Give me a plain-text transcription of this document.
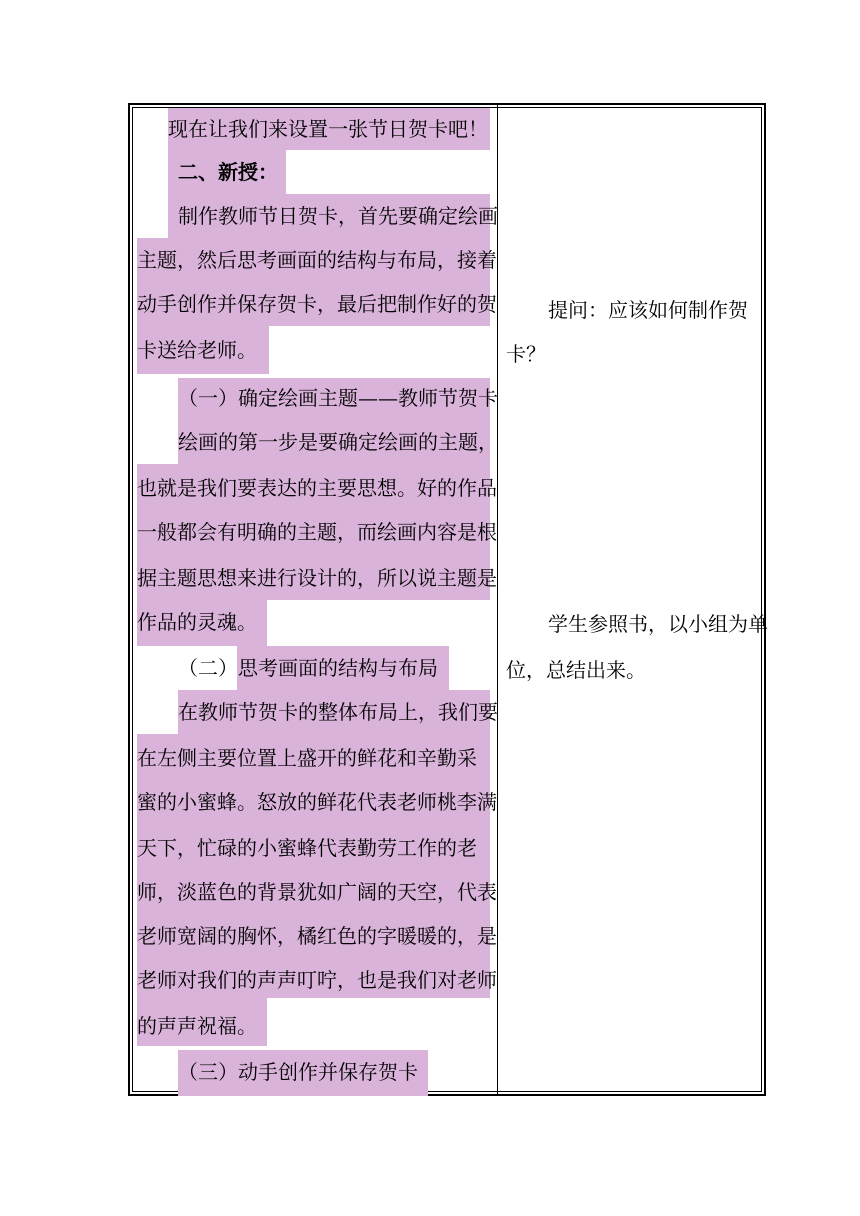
现在让我们来设置一张节日贺卡吧！
二、新授：
制作教师节日贺卡，首先要确定绘画
主题，然后思考画面的结构与布局，接着
动手创作并保存贺卡，最后把制作好的贺
卡送给老师。
（一）确定绘画主题——教师节贺卡
绘画的第一步是要确定绘画的主题，
也就是我们要表达的主要思想。好的作品
一般都会有明确的主题，而绘画内容是根
据主题思想来进行设计的，所以说主题是
作品的灵魂。
（二）思考画面的结构与布局
在教师节贺卡的整体布局上，我们要
在左侧主要位置上盛开的鲜花和辛勤采
蜜的小蜜蜂。怒放的鲜花代表老师桃李满
天下，忙碌的小蜜蜂代表勤劳工作的老
师，淡蓝色的背景犹如广阔的天空，代表
老师宽阔的胸怀，橘红色的字暖暖的，是
老师对我们的声声叮咛，也是我们对老师
的声声祝福。
（三）动手创作并保存贺卡
提问：应该如何制作贺
卡？
学生参照书，以小组为单
位，总结出来。
